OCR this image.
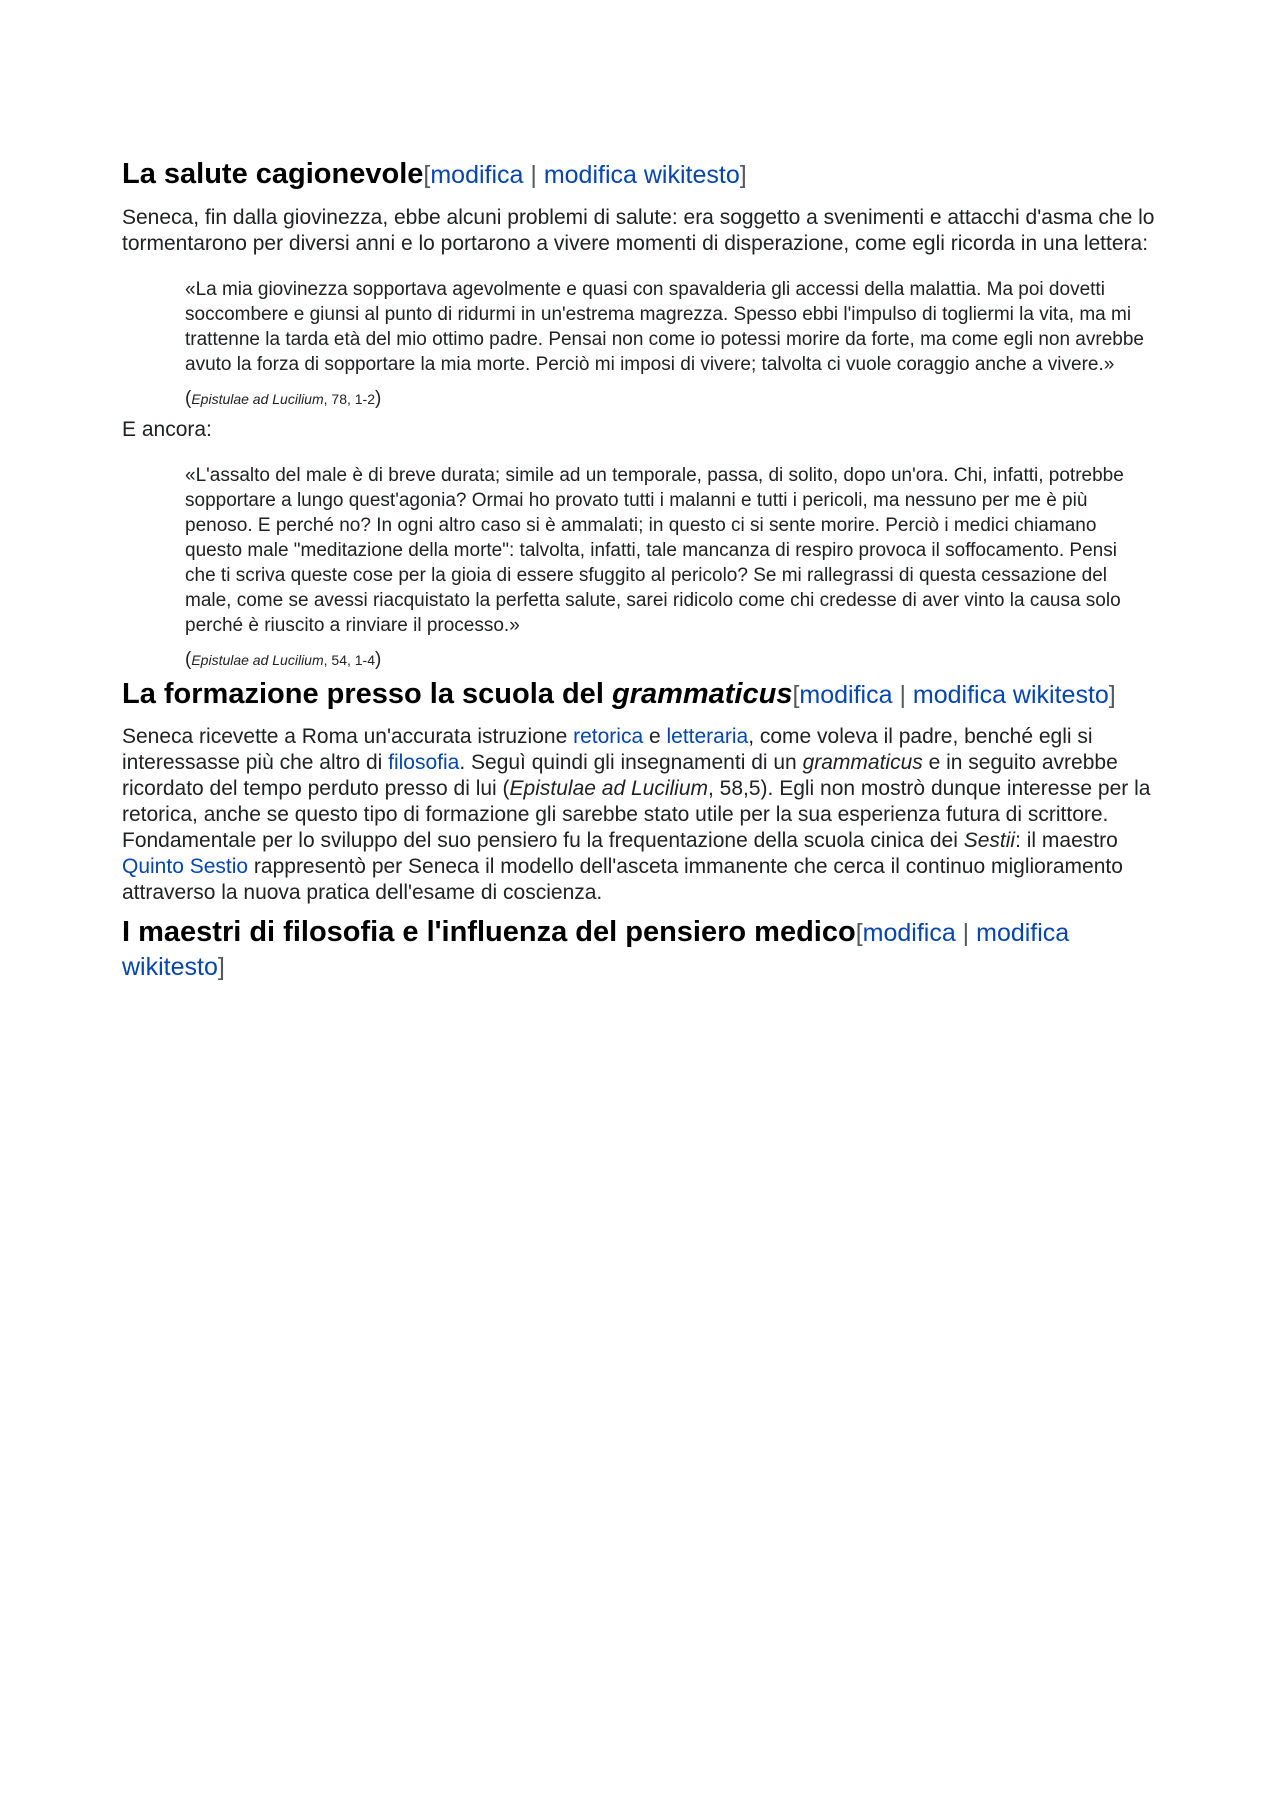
La salute cagionevole[modifica | modifica wikitesto]

Seneca, fin dalla giovinezza, ebbe alcuni problemi di salute: era soggetto a svenimenti e attacchi d'asma che lo tormentarono per diversi anni e lo portarono a vivere momenti di disperazione, come egli ricorda in una lettera:

«La mia giovinezza sopportava agevolmente e quasi con spavalderia gli accessi della malattia. Ma poi dovetti soccombere e giunsi al punto di ridurmi in un'estrema magrezza. Spesso ebbi l'impulso di togliermi la vita, ma mi trattenne la tarda età del mio ottimo padre. Pensai non come io potessi morire da forte, ma come egli non avrebbe avuto la forza di sopportare la mia morte. Perciò mi imposi di vivere; talvolta ci vuole coraggio anche a vivere.»
(Epistulae ad Lucilium, 78, 1-2)

E ancora:

«L'assalto del male è di breve durata; simile ad un temporale, passa, di solito, dopo un'ora. Chi, infatti, potrebbe sopportare a lungo quest'agonia? Ormai ho provato tutti i malanni e tutti i pericoli, ma nessuno per me è più penoso. E perché no? In ogni altro caso si è ammalati; in questo ci si sente morire. Perciò i medici chiamano questo male "meditazione della morte": talvolta, infatti, tale mancanza di respiro provoca il soffocamento. Pensi che ti scriva queste cose per la gioia di essere sfuggito al pericolo? Se mi rallegrassi di questa cessazione del male, come se avessi riacquistato la perfetta salute, sarei ridicolo come chi credesse di aver vinto la causa solo perché è riuscito a rinviare il processo.»
(Epistulae ad Lucilium, 54, 1-4)
La formazione presso la scuola del grammaticus[modifica | modifica wikitesto]

Seneca ricevette a Roma un'accurata istruzione retorica e letteraria, come voleva il padre, benché egli si interessasse più che altro di filosofia. Seguì quindi gli insegnamenti di un grammaticus e in seguito avrebbe ricordato del tempo perduto presso di lui (Epistulae ad Lucilium, 58,5). Egli non mostrò dunque interesse per la retorica, anche se questo tipo di formazione gli sarebbe stato utile per la sua esperienza futura di scrittore. Fondamentale per lo sviluppo del suo pensiero fu la frequentazione della scuola cinica dei Sestii: il maestro Quinto Sestio rappresentò per Seneca il modello dell'asceta immanente che cerca il continuo miglioramento attraverso la nuova pratica dell'esame di coscienza.

I maestri di filosofia e l'influenza del pensiero medico[modifica | modifica wikitesto]
